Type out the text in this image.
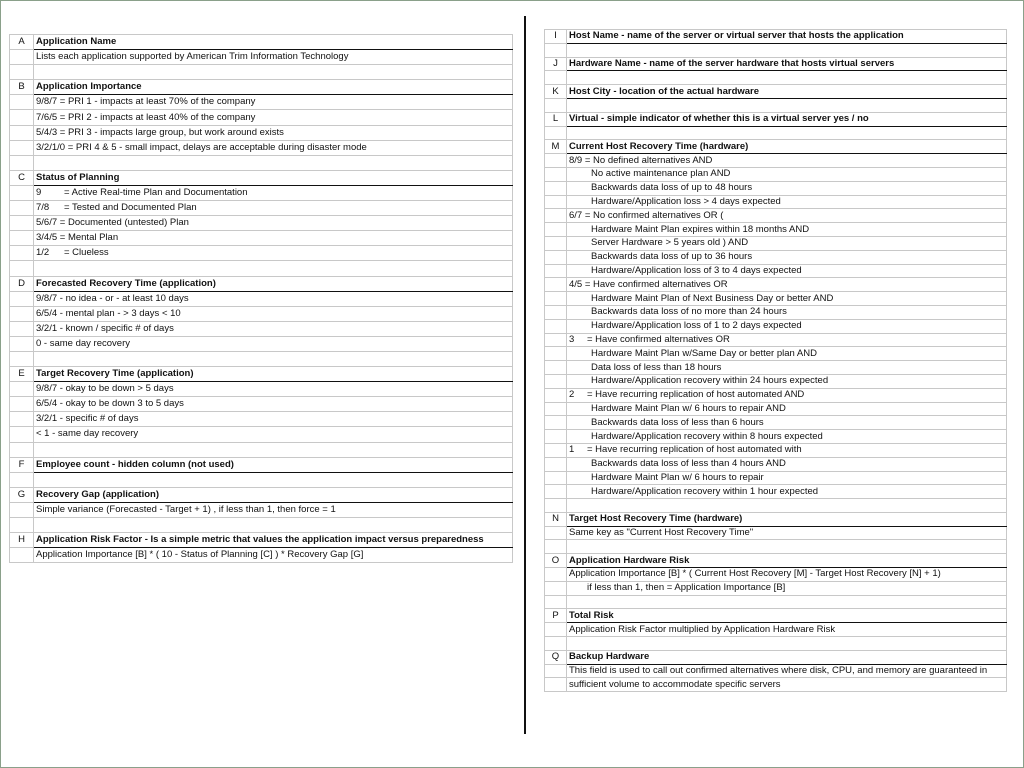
A	Application Name
	Lists each application supported by American Trim Information Technology

B	Application Importance
	9/8/7 = PRI 1 - impacts at least 70% of the company
	7/6/5 = PRI 2 - impacts at least 40% of the company
	5/4/3 = PRI 3 - impacts large group, but work around exists
	3/2/1/0 = PRI 4 & 5 - small impact, delays are acceptable during disaster mode

C	Status of Planning
	9 = Active Real-time Plan and Documentation
	7/8 = Tested and Documented Plan
	5/6/7 = Documented (untested) Plan
	3/4/5 = Mental Plan
	1/2 = Clueless

D	Forecasted Recovery Time (application)
	9/8/7 - no idea - or - at least 10 days
	6/5/4 - mental plan - > 3 days < 10
	3/2/1 - known / specific # of days
	0 - same day recovery

E	Target Recovery Time (application)
	9/8/7 - okay to be down > 5 days
	6/5/4 - okay to be down 3 to 5 days
	3/2/1 - specific # of days
	< 1 - same day recovery

F	Employee count - hidden column (not used)

G	Recovery Gap (application)
	Simple variance (Forecasted - Target + 1) , if less than 1, then force = 1

H	Application Risk Factor - Is a simple metric that values the application impact versus preparedness
	Application Importance [B] * ( 10 - Status of Planning [C] ) * Recovery Gap [G]
I	Host Name - name of the server or virtual server that hosts the application

J	Hardware Name - name of the server hardware that hosts virtual servers

K	Host City - location of the actual hardware

L	Virtual - simple indicator of whether this is a virtual server yes / no

M	Current Host Recovery Time (hardware)
	8/9 = No defined alternatives AND
	No active maintenance plan AND
	Backwards data loss of up to 48 hours
	Hardware/Application loss > 4 days expected
	6/7 = No confirmed alternatives OR (
	Hardware Maint Plan expires within 18 months AND
	Server Hardware > 5 years old ) AND
	Backwards data loss of up to 36 hours
	Hardware/Application loss of 3 to 4 days expected
	4/5 = Have confirmed alternatives OR
	Hardware Maint Plan of Next Business Day or better AND
	Backwards data loss of no more than 24 hours
	Hardware/Application loss of 1 to 2 days expected
	3 = Have confirmed alternatives OR
	Hardware Maint Plan w/Same Day or better plan AND
	Data loss of less than 18 hours
	Hardware/Application recovery within 24 hours expected
	2 = Have recurring replication of host automated AND
	Hardware Maint Plan w/ 6 hours to repair AND
	Backwards data loss of less than 6 hours
	Hardware/Application recovery within 8 hours expected
	1 = Have recurring replication of host automated with
	Backwards data loss of less than 4 hours AND
	Hardware Maint Plan w/ 6 hours to repair
	Hardware/Application recovery within 1 hour expected

N	Target Host Recovery Time (hardware)
	Same key as "Current Host Recovery Time"

O	Application Hardware Risk
	Application Importance [B] * ( Current Host Recovery [M] - Target Host Recovery [N] + 1)
	if less than 1, then = Application Importance [B]

P	Total Risk
	Application Risk Factor multiplied by Application Hardware Risk

Q	Backup Hardware
	This field is used to call out confirmed alternatives where disk, CPU, and memory are guaranteed in
	sufficient volume to accommodate specific servers
